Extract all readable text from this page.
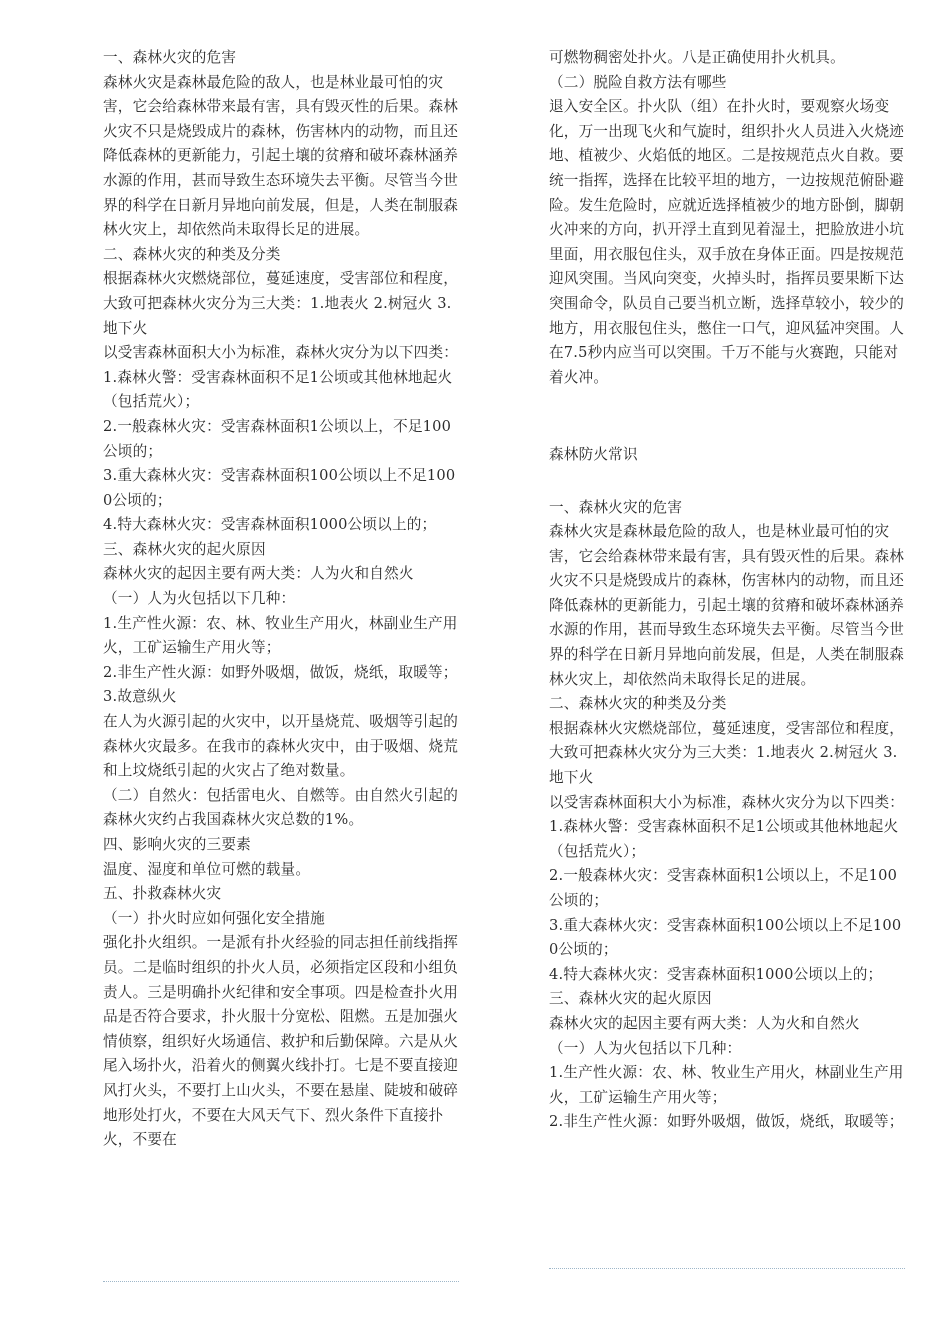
一、森林火灾的危害

森林火灾是森林最危险的敌人，也是林业最可怕的灾害，它会给森林带来最有害，具有毁灭性的后果。森林火灾不只是烧毁成片的森林，伤害林内的动物，而且还降低森林的更新能力，引起土壤的贫瘠和破坏森林涵养水源的作用，甚而导致生态环境失去平衡。尽管当今世界的科学在日新月异地向前发展，但是，人类在制服森林火灾上，却依然尚未取得长足的进展。

二、森林火灾的种类及分类

根据森林火灾燃烧部位，蔓延速度，受害部位和程度，大致可把森林火灾分为三大类：1.地表火 2.树冠火 3.地下火

以受害森林面积大小为标准，森林火灾分为以下四类：

1.森林火警：受害森林面积不足1公顷或其他林地起火（包括荒火）；

2.一般森林火灾：受害森林面积1公顷以上，不足100公顷的；

3.重大森林火灾：受害森林面积100公顷以上不足1000公顷的；

4.特大森林火灾：受害森林面积1000公顷以上的；

三、森林火灾的起火原因

森林火灾的起因主要有两大类：人为火和自然火

（一）人为火包括以下几种：

1.生产性火源：农、林、牧业生产用火，林副业生产用火，工矿运输生产用火等；

2.非生产性火源：如野外吸烟，做饭，烧纸，取暖等；

3.故意纵火

在人为火源引起的火灾中，以开垦烧荒、吸烟等引起的森林火灾最多。在我市的森林火灾中，由于吸烟、烧荒和上坟烧纸引起的火灾占了绝对数量。

（二）自然火：包括雷电火、自燃等。由自然火引起的森林火灾约占我国森林火灾总数的1%。

四、影响火灾的三要素

温度、湿度和单位可燃的载量。

五、扑救森林火灾

（一）扑火时应如何强化安全措施

强化扑火组织。一是派有扑火经验的同志担任前线指挥员。二是临时组织的扑火人员，必须指定区段和小组负责人。三是明确扑火纪律和安全事项。四是检查扑火用品是否符合要求，扑火服十分宽松、阻燃。五是加强火情侦察，组织好火场通信、救护和后勤保障。六是从火尾入场扑火，沿着火的侧翼火线扑打。七是不要直接迎风打火头，不要打上山火头，不要在悬崖、陡坡和破碎地形处打火，不要在大风天气下、烈火条件下直接扑火，不要在

可燃物稠密处扑火。八是正确使用扑火机具。

（二）脱险自救方法有哪些

退入安全区。扑火队（组）在扑火时，要观察火场变化，万一出现飞火和气旋时，组织扑火人员进入火烧迹地、植被少、火焰低的地区。二是按规范点火自救。要统一指挥，选择在比较平坦的地方，一边按规范俯卧避险。发生危险时，应就近选择植被少的地方卧倒，脚朝火冲来的方向，扒开浮土直到见着湿土，把脸放进小坑里面，用衣服包住头，双手放在身体正面。四是按规范迎风突围。当风向突变，火掉头时，指挥员要果断下达突围命令，队员自己要当机立断，选择草较小，较少的地方，用衣服包住头，憋住一口气，迎风猛冲突围。人在7.5秒内应当可以突围。千万不能与火赛跑，只能对着火冲。

森林防火常识

一、森林火灾的危害

森林火灾是森林最危险的敌人，也是林业最可怕的灾害，它会给森林带来最有害，具有毁灭性的后果。森林火灾不只是烧毁成片的森林，伤害林内的动物，而且还降低森林的更新能力，引起土壤的贫瘠和破坏森林涵养水源的作用，甚而导致生态环境失去平衡。尽管当今世界的科学在日新月异地向前发展，但是，人类在制服森林火灾上，却依然尚未取得长足的进展。

二、森林火灾的种类及分类

根据森林火灾燃烧部位，蔓延速度，受害部位和程度，大致可把森林火灾分为三大类：1.地表火 2.树冠火 3.地下火

以受害森林面积大小为标准，森林火灾分为以下四类：

1.森林火警：受害森林面积不足1公顷或其他林地起火（包括荒火）；

2.一般森林火灾：受害森林面积1公顷以上，不足100公顷的；

3.重大森林火灾：受害森林面积100公顷以上不足1000公顷的；

4.特大森林火灾：受害森林面积1000公顷以上的；

三、森林火灾的起火原因

森林火灾的起因主要有两大类：人为火和自然火

（一）人为火包括以下几种：

1.生产性火源：农、林、牧业生产用火，林副业生产用火，工矿运输生产用火等；

2.非生产性火源：如野外吸烟，做饭，烧纸，取暖等；
